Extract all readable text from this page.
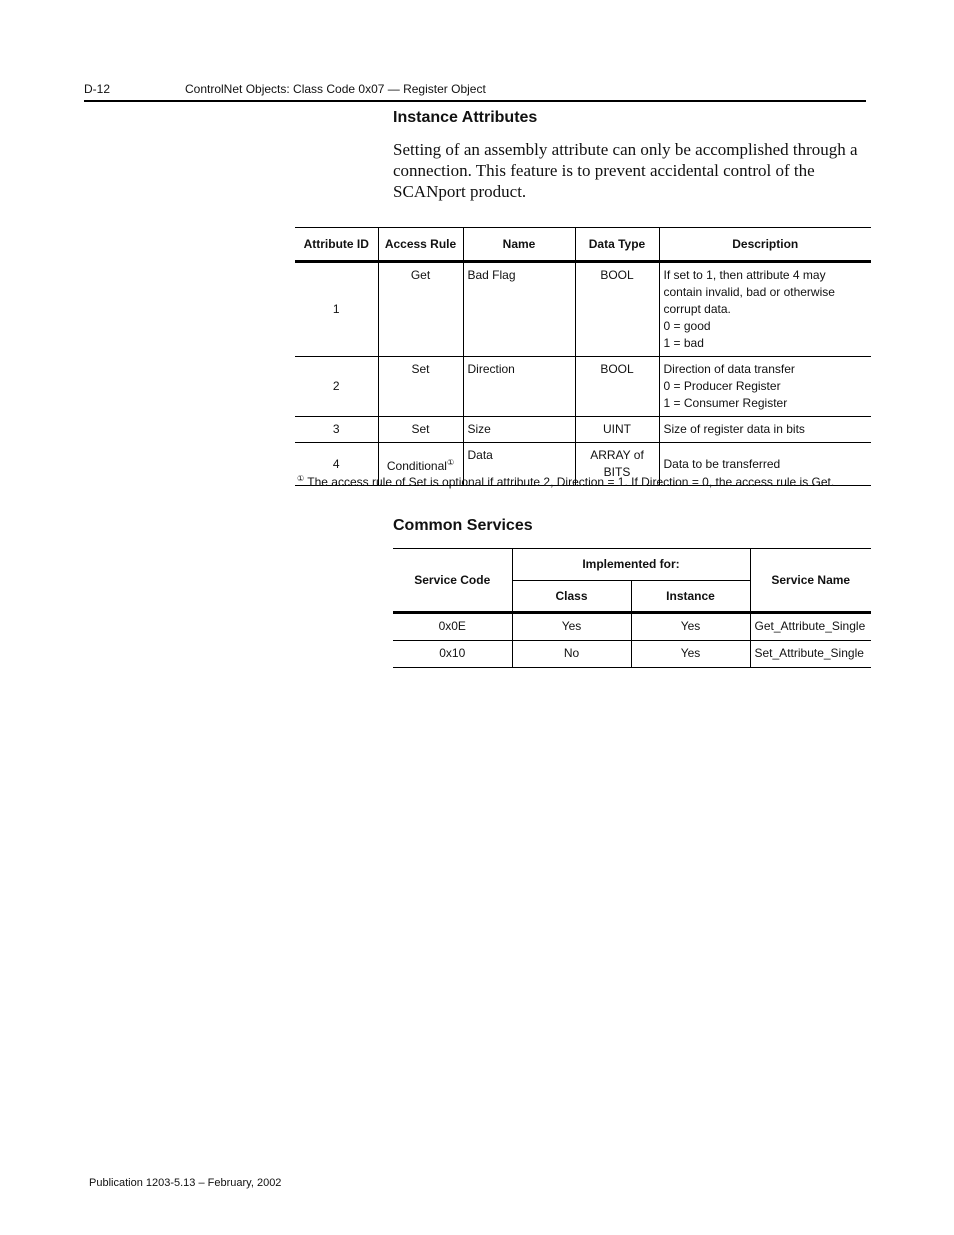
D-12	ControlNet Objects: Class Code 0x07 — Register Object
Instance Attributes
Setting of an assembly attribute can only be accomplished through a connection. This feature is to prevent accidental control of the SCANport product.
Attribute ID	Access Rule	Name	Data Type	Description
1	Get	Bad Flag	BOOL	If set to 1, then attribute 4 may contain invalid, bad or otherwise corrupt data.
0 = good
1 = bad

2	Set	Direction	BOOL	Direction of data transfer
0 = Producer Register
1 = Consumer Register

3	Set	Size	UINT	Size of register data in bits

4	Conditional①	Data	ARRAY of BITS	Data to be transferred
① The access rule of Set is optional if attribute 2, Direction = 1. If Direction = 0, the access rule is Get.
Common Services
Service Code	Implemented for:		Service Name
	Class	Instance	
0x0E	Yes	Yes	Get_Attribute_Single
0x10	No	Yes	Set_Attribute_Single
Publication 1203-5.13 – February, 2002
